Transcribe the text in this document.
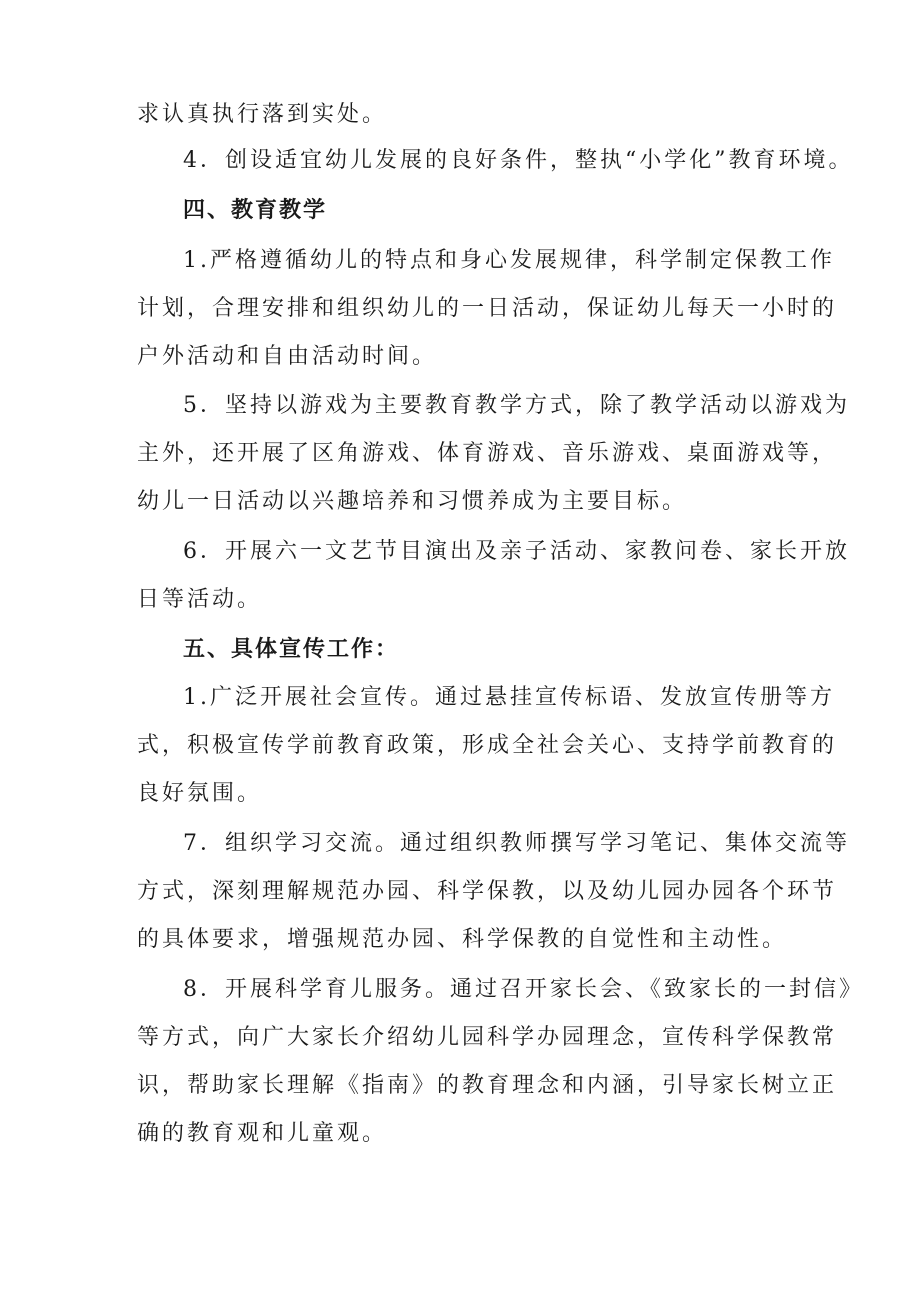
求认真执行落到实处。
4．创设适宜幼儿发展的良好条件，整执“小学化”教育环境。
四、教育教学
1.严格遵循幼儿的特点和身心发展规律，科学制定保教工作
计划，合理安排和组织幼儿的一日活动，保证幼儿每天一小时的
户外活动和自由活动时间。
5．坚持以游戏为主要教育教学方式，除了教学活动以游戏为
主外，还开展了区角游戏、体育游戏、音乐游戏、桌面游戏等，
幼儿一日活动以兴趣培养和习惯养成为主要目标。
6．开展六一文艺节目演出及亲子活动、家教问卷、家长开放
日等活动。
五、具体宣传工作：
1.广泛开展社会宣传。通过悬挂宣传标语、发放宣传册等方
式，积极宣传学前教育政策，形成全社会关心、支持学前教育的
良好氛围。
7．组织学习交流。通过组织教师撰写学习笔记、集体交流等
方式，深刻理解规范办园、科学保教，以及幼儿园办园各个环节
的具体要求，增强规范办园、科学保教的自觉性和主动性。
8．开展科学育儿服务。通过召开家长会、《致家长的一封信》
等方式，向广大家长介绍幼儿园科学办园理念，宣传科学保教常
识，帮助家长理解《指南》的教育理念和内涵，引导家长树立正
确的教育观和儿童观。
